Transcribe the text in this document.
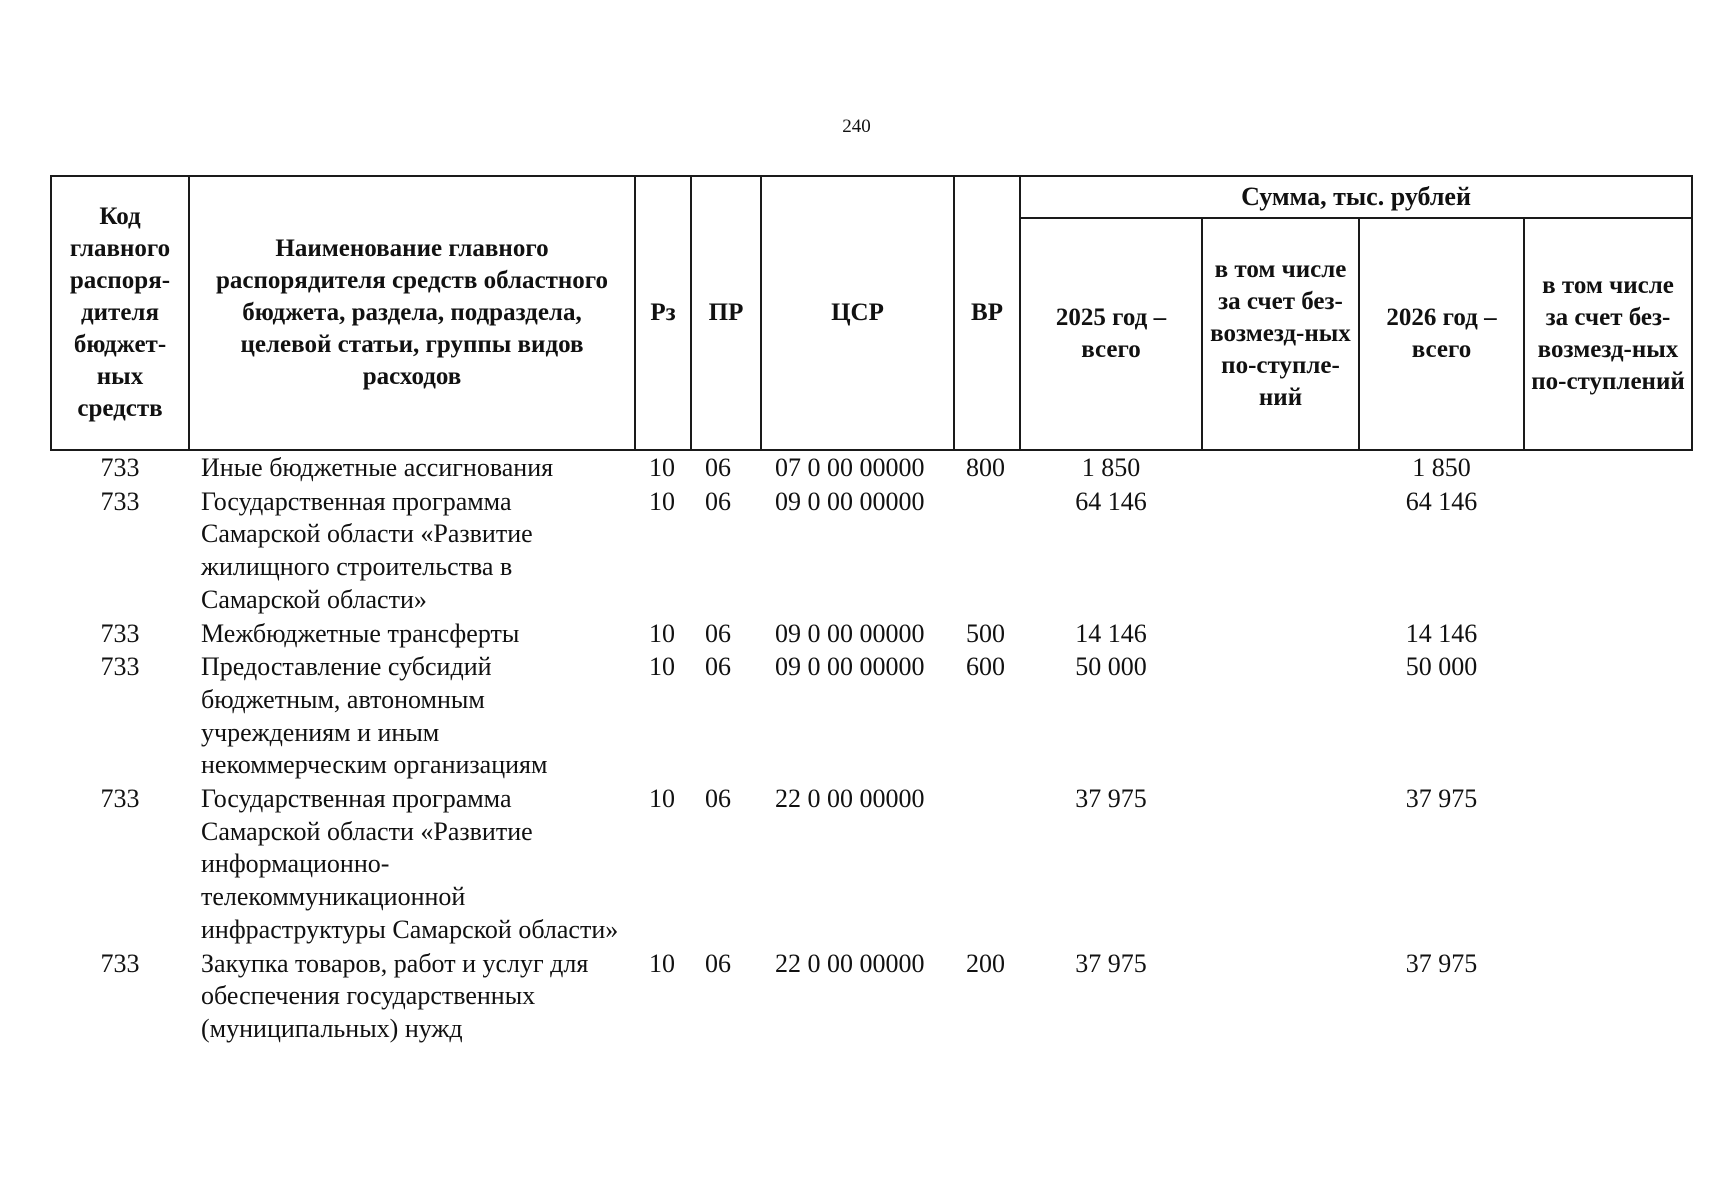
240
Код главного распоря-дителя бюджет-ных средств	Наименование главного распорядителя средств областного бюджета, раздела, подраздела, целевой статьи, группы видов расходов	Рз	ПР	ЦСР	ВР	Сумма, тыс. рублей			
						2025 год – всего	в том числе за счет без-возмезд-ных по-ступле-ний	2026 год – всего	в том числе за счет без-возмезд-ных по-ступлений
733	Иные бюджетные ассигнования	10	06	07 0 00 00000	800	1 850		1 850	
733	Государственная программа Самарской области «Развитие жилищного строительства в Самарской области»	10	06	09 0 00 00000		64 146		64 146	
733	Межбюджетные трансферты	10	06	09 0 00 00000	500	14 146		14 146	
733	Предоставление субсидий бюджетным, автономным учреждениям и иным некоммерческим организациям	10	06	09 0 00 00000	600	50 000		50 000	
733	Государственная программа Самарской области «Развитие информационно-телекоммуникационной инфраструктуры Самарской области»	10	06	22 0 00 00000		37 975		37 975	
733	Закупка товаров, работ и услуг для обеспечения государственных (муниципальных) нужд	10	06	22 0 00 00000	200	37 975		37 975	
